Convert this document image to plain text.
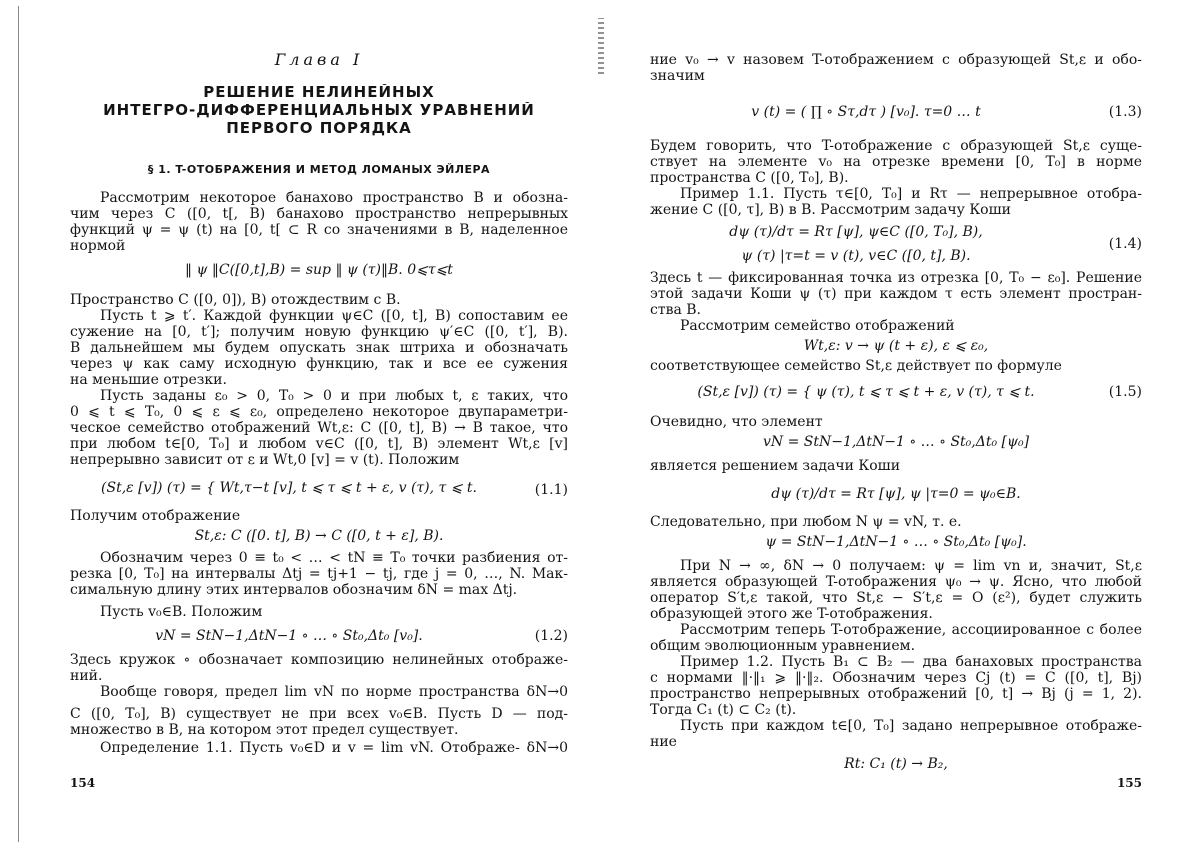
Глава I
РЕШЕНИЕ НЕЛИНЕЙНЫХ
ИНТЕГРО-ДИФФЕРЕНЦИАЛЬНЫХ УРАВНЕНИЙ
ПЕРВОГО ПОРЯДКА
§ 1. T-ОТОБРАЖЕНИЯ И МЕТОД ЛОМАНЫХ ЭЙЛЕРА
Рассмотрим некоторое банахово пространство B и обозна-
чим через C ([0, t[, B) банахово пространство непрерывных
функций ψ = ψ (t) на [0, t[ ⊂ R со значениями в B, наделенное
нормой
‖ ψ ‖C([0,t],B) = sup ‖ ψ (τ)‖B. 0⩽τ⩽t
Пространство C ([0, 0]), B) отождествим с B.
Пусть t ⩾ t′. Каждой функции ψ∈C ([0, t], B) сопоставим ее
сужение на [0, t′]; получим новую функцию ψ′∈C ([0, t′], B).
В дальнейшем мы будем опускать знак штриха и обозначать
через ψ как саму исходную функцию, так и все ее сужения
на меньшие отрезки.
Пусть заданы ε₀ > 0, T₀ > 0 и при любых t, ε таких, что
0 ⩽ t ⩽ T₀, 0 ⩽ ε ⩽ ε₀, определено некоторое двупараметри-
ческое семейство отображений Wt,ε: C ([0, t], B) → B такое, что
при любом t∈[0, T₀] и любом v∈C ([0, t], B) элемент Wt,ε [v]
непрерывно зависит от ε и Wt,0 [v] = v (t). Положим
(St,ε [v]) (τ) = { Wt,τ−t [v], t ⩽ τ ⩽ t + ε, v (τ), τ ⩽ t.	(1.1)
Получим отображение
St,ε: C ([0. t], B) → C ([0, t + ε], B).
Обозначим через 0 ≡ t₀ < … < tN ≡ T₀ точки разбиения от-
резка [0, T₀] на интервалы Δtj = tj+1 − tj, где j = 0, …, N. Мак-
симальную длину этих интервалов обозначим δN = max Δtj.
Пусть v₀∈B. Положим
vN = StN−1,ΔtN−1 ∘ … ∘ St₀,Δt₀ [v₀].	(1.2)
Здесь кружок ∘ обозначает композицию нелинейных отображе-
ний.
Вообще говоря, предел lim vN по норме пространства δN→0
C ([0, T₀], B) существует не при всех v₀∈B. Пусть D — под-
множество в B, на котором этот предел существует.
Определение 1.1. Пусть v₀∈D и v = lim vN. Отображе- δN→0
154
ние v₀ → v назовем T-отображением с образующей St,ε и обо-
значим
v (t) = ( ∏ ∘ Sτ,dτ ) [v₀]. τ=0 … t	(1.3)
Будем говорить, что T-отображение с образующей St,ε суще-
ствует на элементе v₀ на отрезке времени [0, T₀] в норме
пространства C ([0, T₀], B).
Пример 1.1. Пусть τ∈[0, T₀] и Rτ — непрерывное отобра-
жение C ([0, τ], B) в B. Рассмотрим задачу Коши
dψ (τ)/dτ = Rτ [ψ], ψ∈C ([0, T₀], B),
(1.4)
ψ (τ) |τ=t = v (t), v∈C ([0, t], B).
Здесь t — фиксированная точка из отрезка [0, T₀ − ε₀]. Решение
этой задачи Коши ψ (τ) при каждом τ есть элемент простран-
ства B.
Рассмотрим семейство отображений
Wt,ε: v → ψ (t + ε), ε ⩽ ε₀,
соответствующее семейство St,ε действует по формуле
(St,ε [v]) (τ) = { ψ (τ), t ⩽ τ ⩽ t + ε, v (τ), τ ⩽ t.	(1.5)
Очевидно, что элемент
vN = StN−1,ΔtN−1 ∘ … ∘ St₀,Δt₀ [ψ₀]
является решением задачи Коши
dψ (τ)/dτ = Rτ [ψ], ψ |τ=0 = ψ₀∈B.
Следовательно, при любом N ψ = vN, т. е.
ψ = StN−1,ΔtN−1 ∘ … ∘ St₀,Δt₀ [ψ₀].
При N → ∞, δN → 0 получаем: ψ = lim vn и, значит, St,ε
является образующей T-отображения ψ₀ → ψ. Ясно, что любой
оператор S′t,ε такой, что St,ε − S′t,ε = O (ε²), будет служить
образующей этого же T-отображения.
Рассмотрим теперь T-отображение, ассоциированное с более
общим эволюционным уравнением.
Пример 1.2. Пусть B₁ ⊂ B₂ — два банаховых пространства
с нормами ‖·‖₁ ⩾ ‖·‖₂. Обозначим через Cj (t) = C ([0, t], Bj)
пространство непрерывных отображений [0, t] → Bj (j = 1, 2).
Тогда C₁ (t) ⊂ C₂ (t).
Пусть при каждом t∈[0, T₀] задано непрерывное отображе-
ние
Rt: C₁ (t) → B₂,
155
